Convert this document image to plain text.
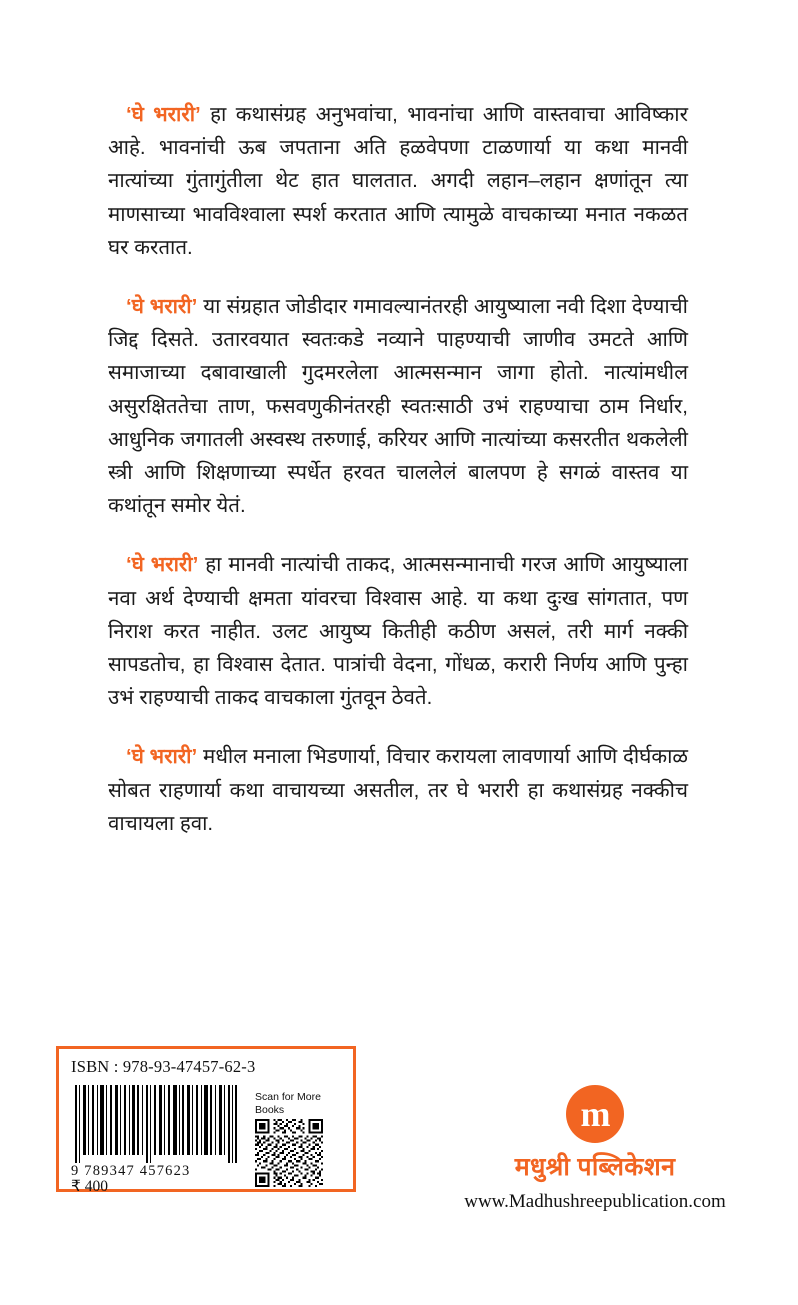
‘घे भरारी’ हा कथासंग्रह अनुभवांचा, भावनांचा आणि वास्तवाचा आविष्कार आहे. भावनांची ऊब जपताना अति हळवेपणा टाळणार्या या कथा मानवी नात्यांच्या गुंतागुंतीला थेट हात घालतात. अगदी लहान–लहान क्षणांतून त्या माणसाच्या भावविश्वाला स्पर्श करतात आणि त्यामुळे वाचकाच्या मनात नकळत घर करतात.

‘घे भरारी’ या संग्रहात जोडीदार गमावल्यानंतरही आयुष्याला नवी दिशा देण्याची जिद्द दिसते. उतारवयात स्वतःकडे नव्याने पाहण्याची जाणीव उमटते आणि समाजाच्या दबावाखाली गुदमरलेला आत्मसन्मान जागा होतो. नात्यांमधील असुरक्षिततेचा ताण, फसवणुकीनंतरही स्वतःसाठी उभं राहण्याचा ठाम निर्धार, आधुनिक जगातली अस्वस्थ तरुणाई, करियर आणि नात्यांच्या कसरतीत थकलेली स्त्री आणि शिक्षणाच्या स्पर्धेत हरवत चाललेलं बालपण हे सगळं वास्तव या कथांतून समोर येतं.

‘घे भरारी’ हा मानवी नात्यांची ताकद, आत्मसन्मानाची गरज आणि आयुष्याला नवा अर्थ देण्याची क्षमता यांवरचा विश्वास आहे. या कथा दुःख सांगतात, पण निराश करत नाहीत. उलट आयुष्य कितीही कठीण असलं, तरी मार्ग नक्की सापडतोच, हा विश्वास देतात. पात्रांची वेदना, गोंधळ, करारी निर्णय आणि पुन्हा उभं राहण्याची ताकद वाचकाला गुंतवून ठेवते.

‘घे भरारी’ मधील मनाला भिडणार्या, विचार करायला लावणार्या आणि दीर्घकाळ सोबत राहणार्या कथा वाचायच्या असतील, तर घे भरारी हा कथासंग्रह नक्कीच वाचायला हवा.

ISBN : 978-93-47457-62-3
9 789347 457623
₹ 400
Scan for More Books	m
मधुश्री पब्लिकेशन
www.Madhushreepublication.com
